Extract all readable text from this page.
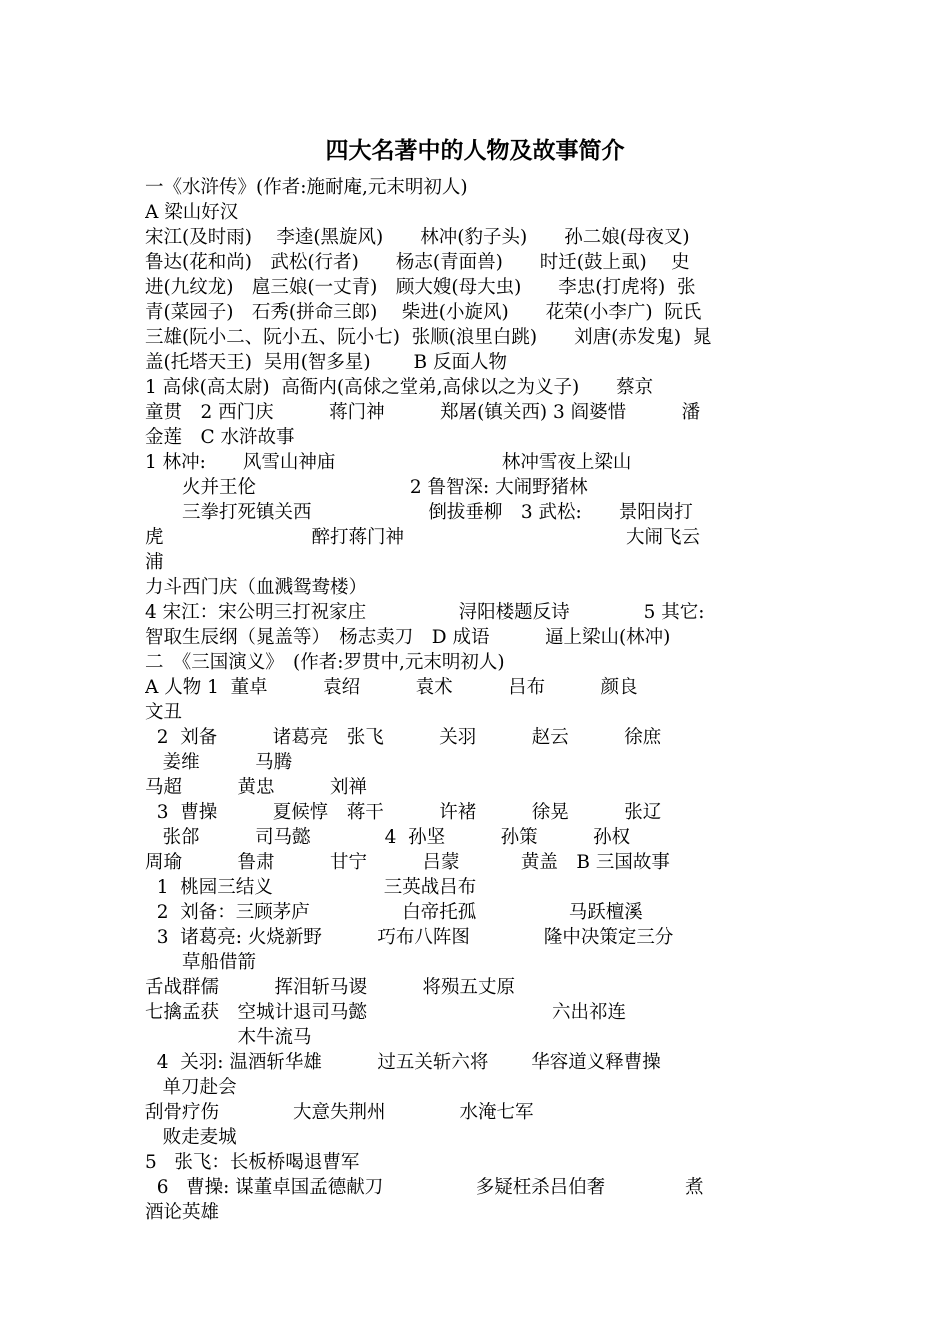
四大名著中的人物及故事简介
一《水浒传》(作者:施耐庵,元末明初人)
A 梁山好汉
宋江(及时雨)　 李逵(黑旋风)　　林冲(豹子头)　　孙二娘(母夜叉)
鲁达(花和尚)　武松(行者)　　杨志(青面兽)　　时迁(鼓上虱)　 史
进(九纹龙)　扈三娘(一丈青)　顾大嫂(母大虫)　　李忠(打虎将)  张
青(菜园子)　石秀(拼命三郎)　 柴进(小旋风)　　花荣(小李广)  阮氏
三雄(阮小二、阮小五、阮小七)  张顺(浪里白跳)　　刘唐(赤发鬼)  晁
盖(托塔天王)  吴用(智多星)　　 B 反面人物
1 高俅(高太尉)  高衙内(高俅之堂弟,高俅以之为义子)　　蔡京
童贯　2 西门庆　　　蒋门神　　　郑屠(镇关西) 3 阎婆惜　　　潘
金莲　C 水浒故事
1 林冲:　　风雪山神庙　　　　　　　　　林冲雪夜上梁山
　　火并王伦　　　　　　　　 2 鲁智深: 大闹野猪林
　　三拳打死镇关西　　　　　　 倒拔垂柳　3 武松:　　景阳岗打
虎　　　　　　　　醉打蒋门神　　　　　　　　　　　　大闹飞云
浦
力斗西门庆（血溅鸳鸯楼）
4 宋江：宋公明三打祝家庄　　　　　浔阳楼题反诗　　　　5 其它:
智取生辰纲（晁盖等）　杨志卖刀　D 成语　　　逼上梁山(林冲)
二　《三国演义》　(作者:罗贯中,元末明初人)
A 人物 1  董卓　　　袁绍　　　袁术　　　吕布　　　颜良
文丑
2  刘备　　　诸葛亮　张飞　　　关羽　　　赵云　　　徐庶
姜维　　　马腾
马超　　　黄忠　　　刘禅
3  曹操　　　夏候惇　蒋干　　　许褚　　　徐晃　　　张辽
张郃　　　司马懿　　　　4  孙坚　　　孙策　　　孙权
周瑜　　　鲁肃　　　甘宁　　　吕蒙　　　 黄盖　B 三国故事
1  桃园三结义　　　　　　三英战吕布
2  刘备：三顾茅庐　　　　　白帝托孤　　　　　马跃檀溪
3  诸葛亮: 火烧新野　　　巧布八阵图　　　　隆中决策定三分
　　草船借箭
舌战群儒　　　挥泪斩马谡　　　将殒五丈原
七擒孟获　空城计退司马懿　　　　　　　　　　六出祁连
　　　　　木牛流马
4  关羽: 温酒斩华雄　　　过五关斩六将　　 华容道义释曹操
单刀赴会
刮骨疗伤　　　　大意失荆州　　　　水淹七军
败走麦城
5   张飞：长板桥喝退曹军
6   曹操: 谋董卓国孟德献刀　　　　　多疑枉杀吕伯奢　　　　 煮
酒论英雄
